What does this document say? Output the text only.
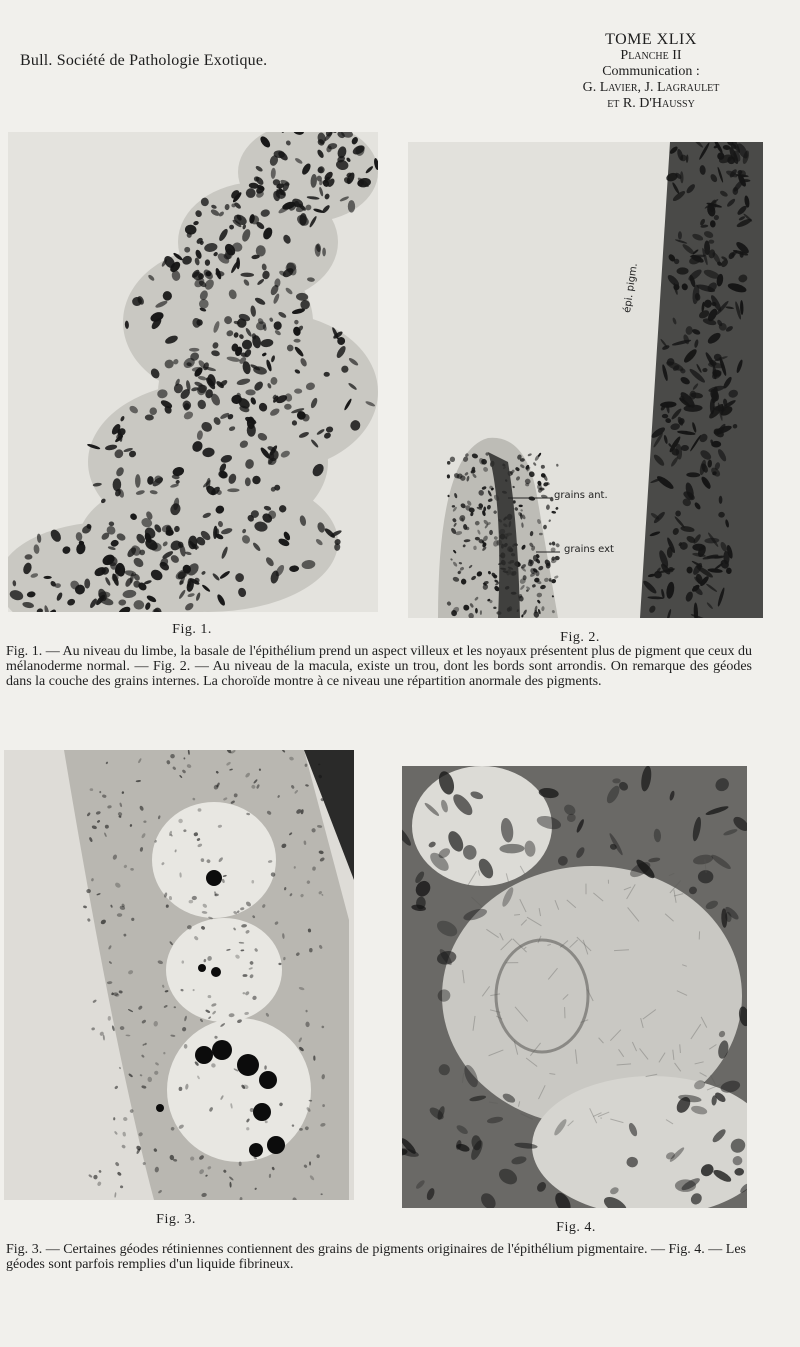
Bull. Société de Pathologie Exotique.
TOME XLIX
Planche II
Communication :
G. Lavier, J. Lagraulet
et R. D'Haussy
Fig. 1.
épi. pigm.
grains ant.
grains ext
Fig. 2.
Fig. 1. — Au niveau du limbe, la basale de l'épithélium prend un aspect villeux et les noyaux présentent plus de pigment que ceux du mélanoderme normal. — Fig. 2. — Au niveau de la macula, existe un trou, dont les bords sont arrondis. On remarque des géodes dans la couche des grains internes. La choroïde montre à ce niveau une répartition anormale des pigments.
Fig. 3.
Fig. 4.
Fig. 3. — Certaines géodes rétiniennes contiennent des grains de pigments originaires de l'épithélium pigmentaire. — Fig. 4. — Les géodes sont parfois remplies d'un liquide fibrineux.
